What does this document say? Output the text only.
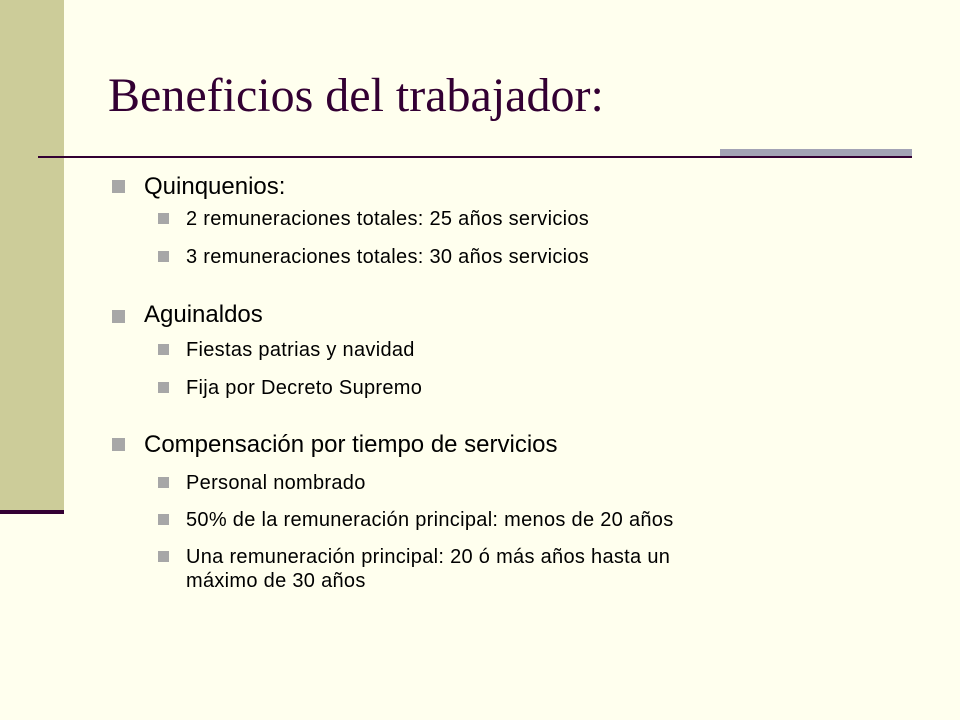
Beneficios del trabajador:
Quinquenios:
2 remuneraciones totales: 25 años servicios
3 remuneraciones totales: 30 años servicios
Aguinaldos
Fiestas patrias y navidad
Fija por Decreto Supremo
Compensación por tiempo de servicios
Personal nombrado
50% de la remuneración principal: menos de 20 años
Una remuneración principal: 20 ó más años hasta un
máximo de 30 años
